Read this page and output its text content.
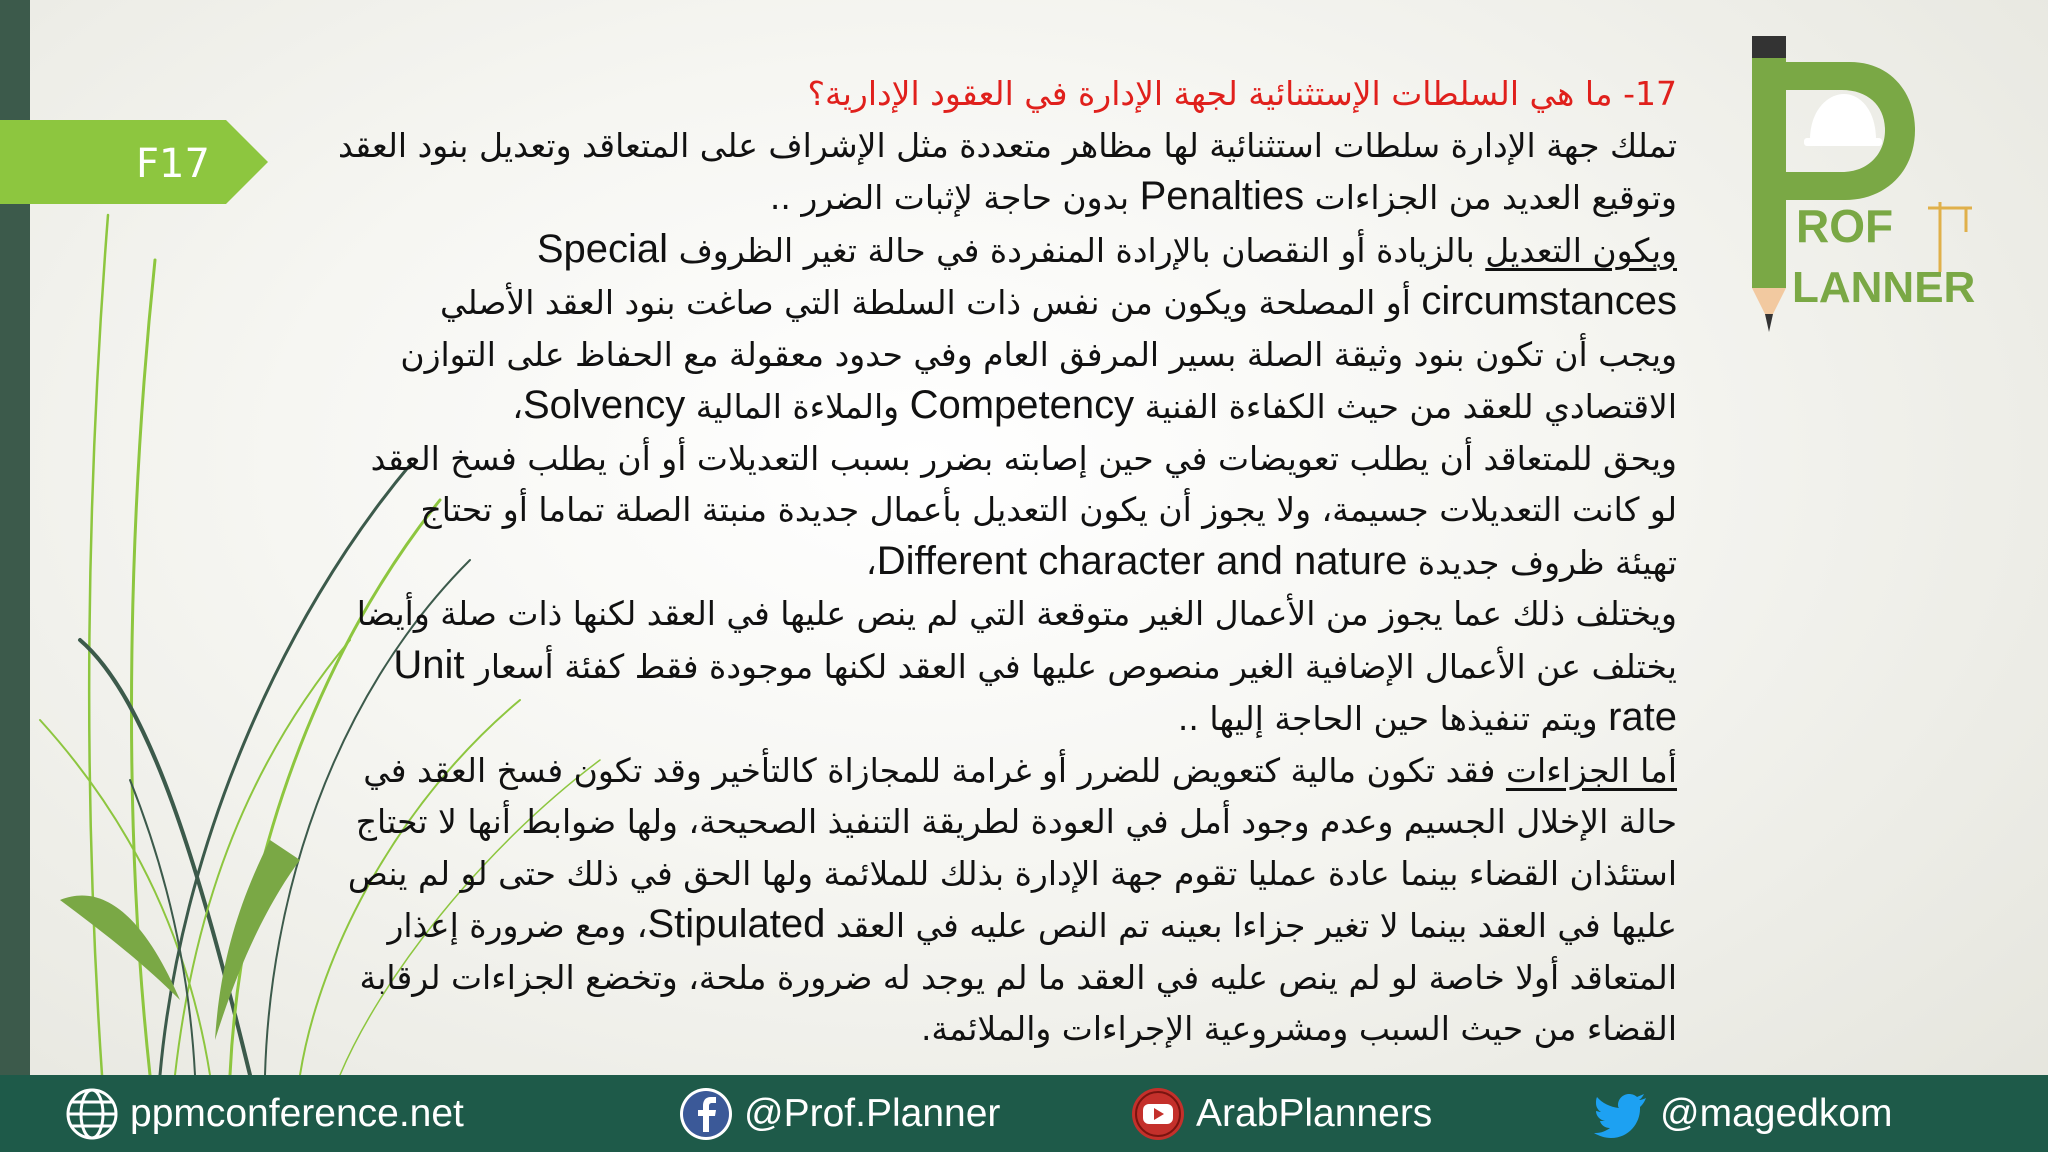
F17
17- ما هي السلطات الإستثنائية لجهة الإدارة في العقود الإدارية؟
تملك جهة الإدارة سلطات استثنائية لها مظاهر متعددة مثل الإشراف على المتعاقد وتعديل بنود العقد
وتوقيع العديد من الجزاءات Penalties بدون حاجة لإثبات الضرر ..
ويكون التعديل بالزيادة أو النقصان بالإرادة المنفردة في حالة تغير الظروف Special
circumstances أو المصلحة ويكون من نفس ذات السلطة التي صاغت بنود العقد الأصلي
ويجب أن تكون بنود وثيقة الصلة بسير المرفق العام وفي حدود معقولة مع الحفاظ على التوازن
الاقتصادي للعقد من حيث الكفاءة الفنية Competency والملاءة المالية Solvency،
ويحق للمتعاقد أن يطلب تعويضات في حين إصابته بضرر بسبب التعديلات أو أن يطلب فسخ العقد
لو كانت التعديلات جسيمة، ولا يجوز أن يكون التعديل بأعمال جديدة منبتة الصلة تماما أو تحتاج
تهيئة ظروف جديدة Different character and nature،
ويختلف ذلك عما يجوز من الأعمال الغير متوقعة التي لم ينص عليها في العقد لكنها ذات صلة وأيضا
يختلف عن الأعمال الإضافية الغير منصوص عليها في العقد لكنها موجودة فقط كفئة أسعار Unit
rate ويتم تنفيذها حين الحاجة إليها ..
أما الجزاءات فقد تكون مالية كتعويض للضرر أو غرامة للمجازاة كالتأخير وقد تكون فسخ العقد في
حالة الإخلال الجسيم وعدم وجود أمل في العودة لطريقة التنفيذ الصحيحة، ولها ضوابط أنها لا تحتاج
استئذان القضاء بينما عادة عمليا تقوم جهة الإدارة بذلك للملائمة ولها الحق في ذلك حتى لو لم ينص
عليها في العقد بينما لا تغير جزاءا بعينه تم النص عليه في العقد Stipulated، ومع ضرورة إعذار
المتعاقد أولا خاصة لو لم ينص عليه في العقد ما لم يوجد له ضرورة ملحة، وتخضع الجزاءات لرقابة
القضاء من حيث السبب ومشروعية الإجراءات والملائمة.
ROF
LANNER
ppmconference.net	@Prof.Planner	ArabPlanners	@magedkom
